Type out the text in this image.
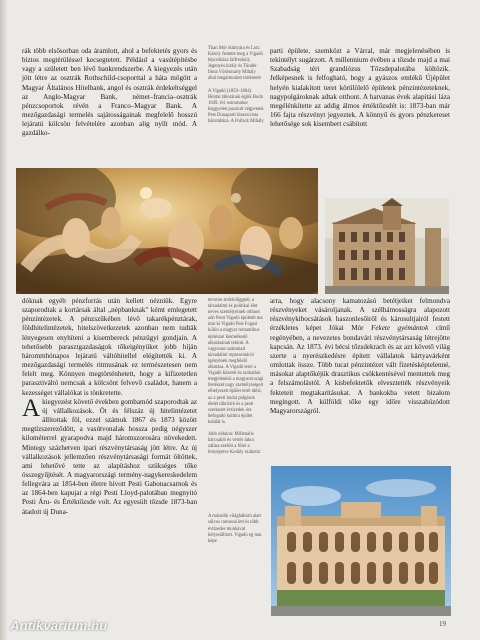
rák több elsősorban oda áramlott, ahol a befektetés gyors és biztos megtérüléssel kecsegtetett. Például a vasútépítésbe vagy a született ben lévő bankrendszerbe. A kiegyezés után jött létre az osztrák Rothschild-csoporttal a háta mögött a Magyar Általános Hitelbank, angol és osztrák érdekeltséggel az Anglo-Magyar Bank, német–francia–osztrák pénzcsoportok révén a Franco–Magyar Bank. A mezőgazdasági termelés sajátosságainak megfelelő hosszú lejáratú kölcsön felvételére azonban alig nyílt mód. A gazdálko-

Than Mór ikártyára és Lotz Károly festette meg a Vigadó lépcsőháza falfreskóit; Jegenyés király és Tündér Ilona Vörösmarty Mihály által megálmodott történetét

A Vigadó (1859–1864). Hentai táborának égjük Buda 1849. évi ostromakor keggyelen pusztult végpvetek Pest Dunaparti klasszicista hárombáza. A Pollack Mihály

parti épülete, szemközt a Várral, már megjelenésében is tekintélyt sugárzott. A millennium évében a tőzsde majd a mai Szabadság téri grandiózus Tőzsdepalotába költözik. Jelképesnek is felfogható, hogy a gyászos emlékű Újépület helyén kialakított teret körülölelő épületek pénzintézeteknek, nagypolgároknak adtak otthont. A hatvanas évek alapítási láza megélénkítette az addig álmos értéktőzsdét is: 1873-ban már 166 fajta részvényt jegyeztek. A könnyű és gyors pénzkereset lehetősége sok kisembert csábított

dóknak egyéb pénzforrás után kellett nézniük. Egyre szaporodtak a kortársak által „népbanknak" kémt emlegetett pénzintézetek. A pénzszűkében lévő takarékpénztárak, földhitelintézetek, hitelszövetkezetek azonban nem tudták lényegesen enyhíteni a kisembereck pénzügyi gondjain. A tehetősebb parasztgazdaságok tőkeigényüket jobb híján hárommhónapos lejáratú váltóhitellel elégítették ki. A mezőgazdasági termelés ritmusának ez természetesen nem felelt meg. Könnyen megtörténhetett, hogy a kifizetetlen parasztiváltó nemcsak a kölcsönt felvevő családot, hanem a kezességet vállalókat is tönkretette.

A kiegyezést követő években gombamód szaporodtak az új vállalkozások. Öt és félszáz új hitelintézetet állítottak föl, ezzel számuk 1867 és 1873 között megtízszereződött, a vasútvonalak hossza pedig négyszer kilométerrel gyarapodva majd háromszorosára növekedett. Mintegy százhetven ipari részvénytársaság jött létre. Az új vállalkozások jellemzően részvénytársasági formát öltöttek, ami lehetővé tette az alapításhoz szükséges tőke összegyűjtését. A magyarországi termény-nagykereskedelem fellegvára az 1854-ben életre hívott Pesti Gabonacsarnok és az 1864-ben kapujat a régi Pesti Lloyd-palotában megnyitó Pesti Áru- és Értéktőzsde volt. Az egyesült tőzsde 1873-ban átadott új Duna-

terveire stsfelelőggnél, a társadalmi és politikai élet neves személyeinek otthont adó Pesti Vigadó épületét ma már ki Vigadó Pest Fogasi külön a magyar romantikus építészet kiemelkedő alkotásának tekinti. A vagyonos számmalt társadalmi reprezentáció igényének megfelelő alkotása. A Vigadó terei a Vigadó közerét és szokatlan megjelenésű a magyarországi festészet nagy személyiségeit elhelyezett épület terét idézi, az a pesti budai polgárok életét tükrözik és a pesti szerkezet évtizedek óta befogadó kultúra épület halálát is.

Jobb oldalon: Millenáris hárcsakló és vértés lakcs zálása ezelőtt a főtér a fenyégetve Kodály szakotár

A második világháború alatt súlyos romossá lett és több évtizedes munkával helyreállított. Vigadó eg mai képe

arra, hogy alacsony kamatozású betétjeiket felmondva részvényeket vásároljanak. A szélhámosságra alapozott részvénykibocsátások haszonlesőiről és károsultjairól festett érzékletes képet Jókai Mór Fekete gyémántok című regényében, a nevezetes bondavári részvénytársaság létrejötte kapcsán. Az 1873. évi bécsi tőzsdekrach és az azt követő világ szerte a nyerészkedésre épített vállalatok kártyavárként omlottak össze. Több tucat pénzintézet vált fizetésképtelenné, másokat alaptőkéjük drasztikus csökkentésével mentettek meg a felszámolástól. A kisbefektetők elvesztették részvényeik fekteteit megtakarításukat. A bankokba vetett bizalom megingott. A külföldi tőke egy időre visszahúzódott Magyarországról.

19
Antikvarium.hu
